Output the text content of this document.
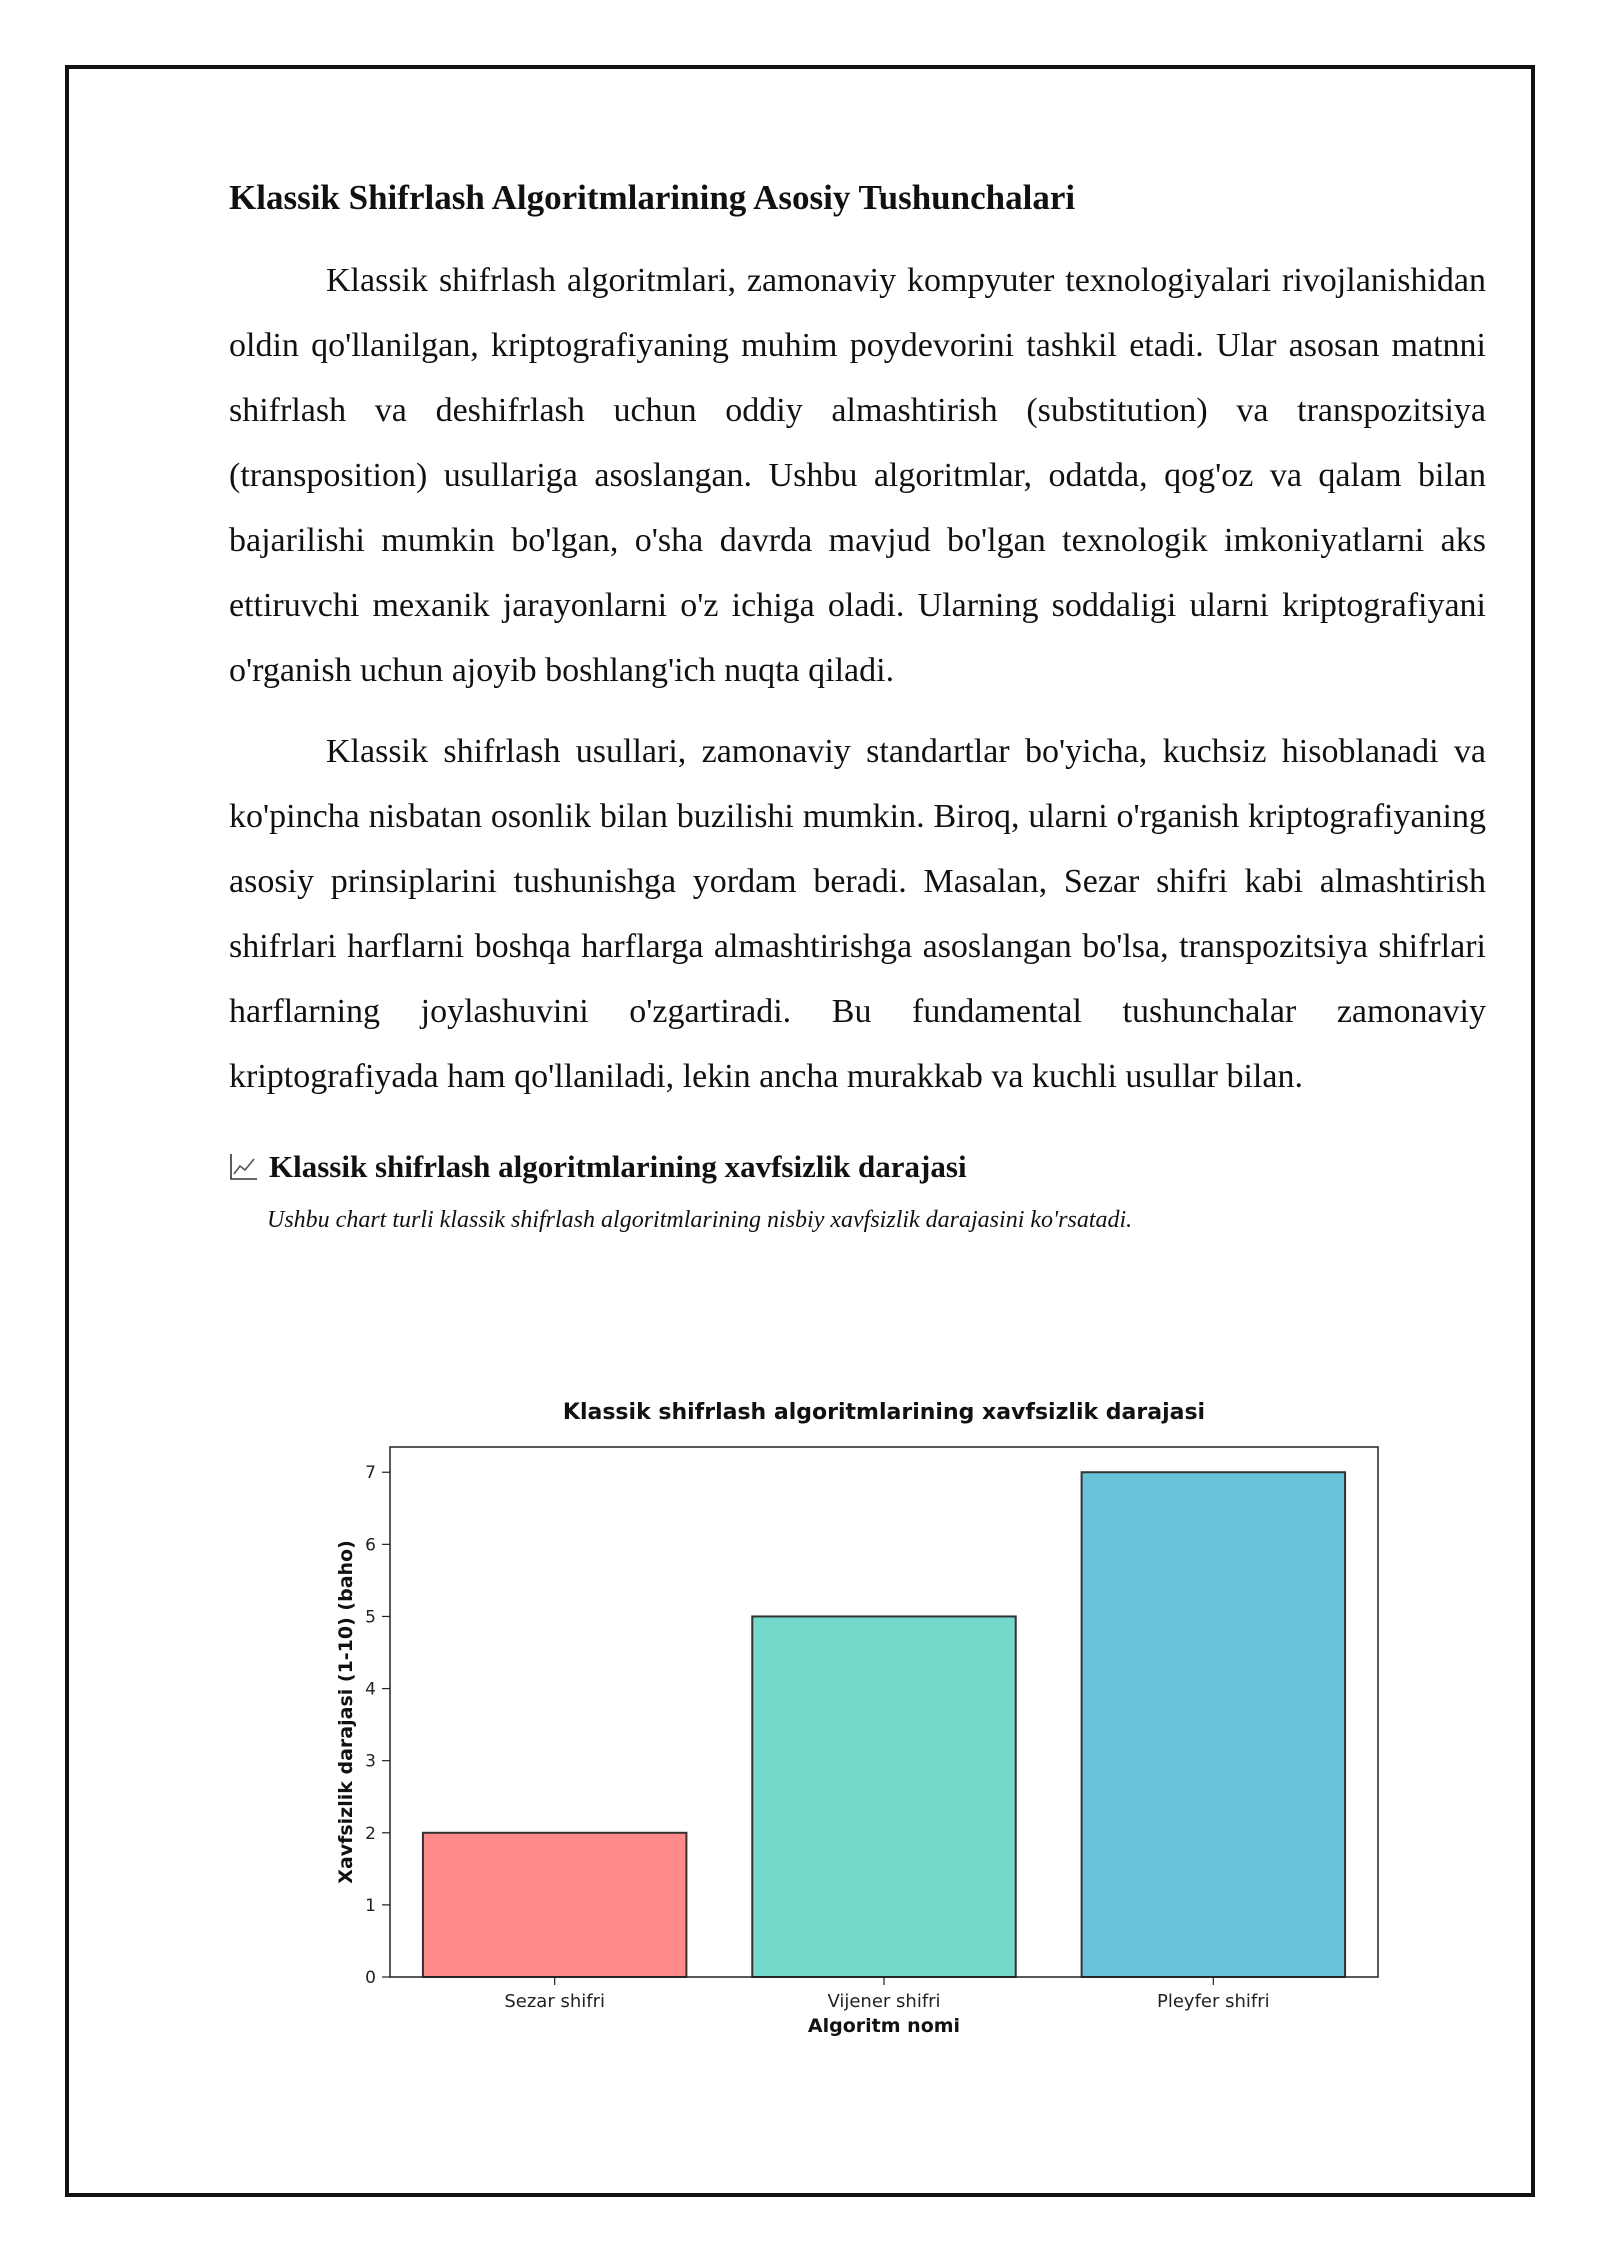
Klassik Shifrlash Algoritmlarining Asosiy Tushunchalari

Klassik shifrlash algoritmlari, zamonaviy kompyuter texnologiyalari rivojlanishidan oldin qo'llanilgan, kriptografiyaning muhim poydevorini tashkil etadi. Ular asosan matnni shifrlash va deshifrlash uchun oddiy almashtirish (substitution) va transpozitsiya (transposition) usullariga asoslangan. Ushbu algoritmlar, odatda, qog'oz va qalam bilan bajarilishi mumkin bo'lgan, o'sha davrda mavjud bo'lgan texnologik imkoniyatlarni aks ettiruvchi mexanik jarayonlarni o'z ichiga oladi. Ularning soddaligi ularni kriptografiyani o'rganish uchun ajoyib boshlang'ich nuqta qiladi.

Klassik shifrlash usullari, zamonaviy standartlar bo'yicha, kuchsiz hisoblanadi va ko'pincha nisbatan osonlik bilan buzilishi mumkin. Biroq, ularni o'rganish kriptografiyaning asosiy prinsiplarini tushunishga yordam beradi. Masalan, Sezar shifri kabi almashtirish shifrlari harflarni boshqa harflarga almashtirishga asoslangan bo'lsa, transpozitsiya shifrlari harflarning joylashuvini o'zgartiradi. Bu fundamental tushunchalar zamonaviy kriptografiyada ham qo'llaniladi, lekin ancha murakkab va kuchli usullar bilan.

Klassik shifrlash algoritmlarining xavfsizlik darajasi
Ushbu chart turli klassik shifrlash algoritmlarining nisbiy xavfsizlik darajasini ko'rsatadi.
Klassik shifrlash algoritmlarining xavfsizlik darajasi
0
1
2
3
4
5
6
7
Sezar shifri	Vijener shifri	Pleyfer shifri
Algoritm nomi
Xavfsizlik darajasi (1-10) (baho)
